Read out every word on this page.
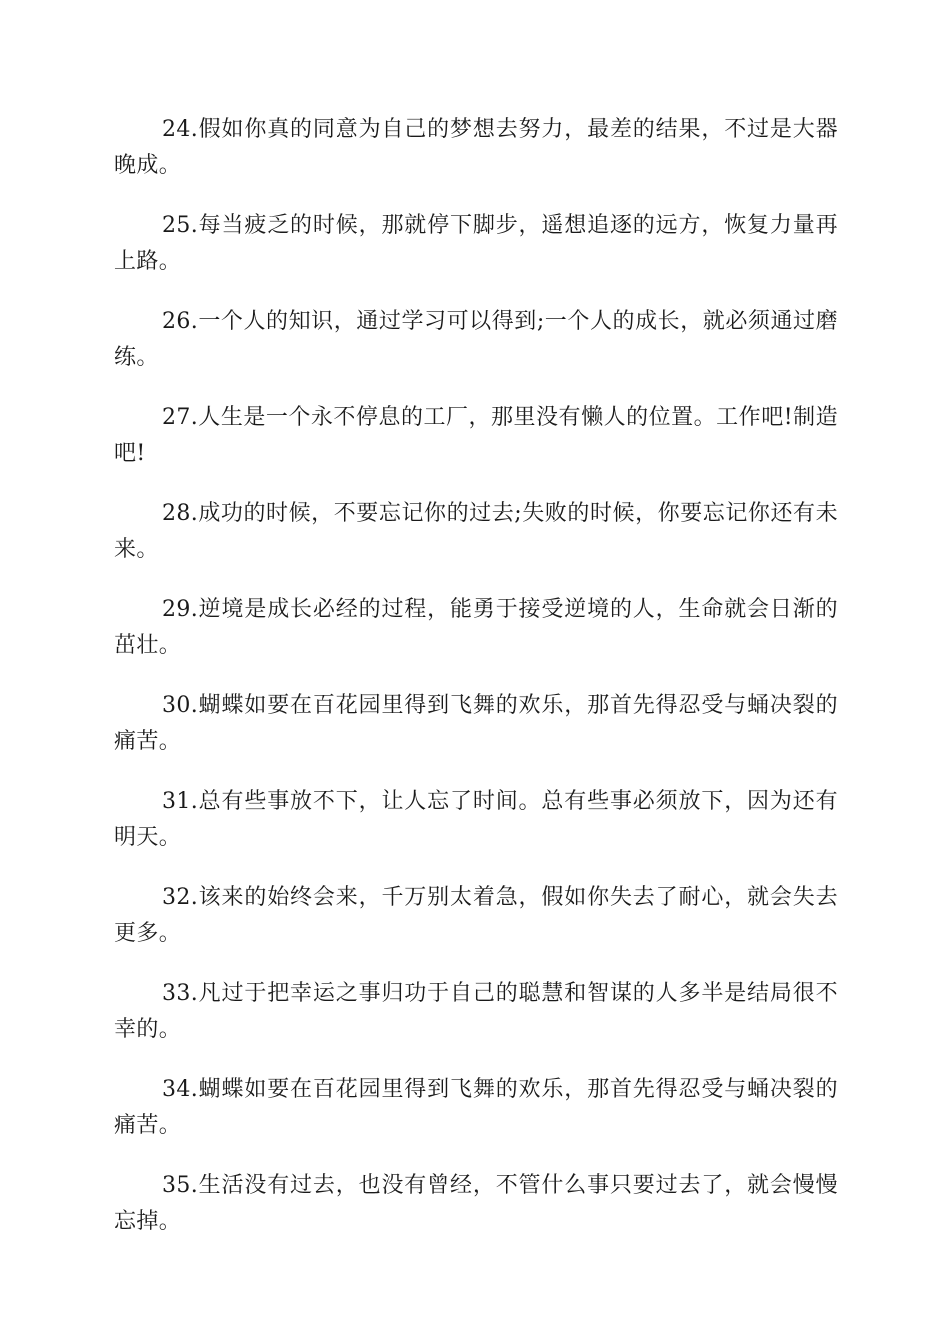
24.假如你真的同意为自己的梦想去努力，最差的结果，不过是大器晚成。

25.每当疲乏的时候，那就停下脚步，遥想追逐的远方，恢复力量再上路。

26.一个人的知识，通过学习可以得到;一个人的成长，就必须通过磨练。

27.人生是一个永不停息的工厂，那里没有懒人的位置。工作吧!制造吧!

28.成功的时候，不要忘记你的过去;失败的时候，你要忘记你还有未来。

29.逆境是成长必经的过程，能勇于接受逆境的人，生命就会日渐的茁壮。

30.蝴蝶如要在百花园里得到飞舞的欢乐，那首先得忍受与蛹决裂的痛苦。

31.总有些事放不下，让人忘了时间。总有些事必须放下，因为还有明天。

32.该来的始终会来，千万别太着急，假如你失去了耐心，就会失去更多。

33.凡过于把幸运之事归功于自己的聪慧和智谋的人多半是结局很不幸的。

34.蝴蝶如要在百花园里得到飞舞的欢乐，那首先得忍受与蛹决裂的痛苦。

35.生活没有过去，也没有曾经，不管什么事只要过去了，就会慢慢忘掉。
